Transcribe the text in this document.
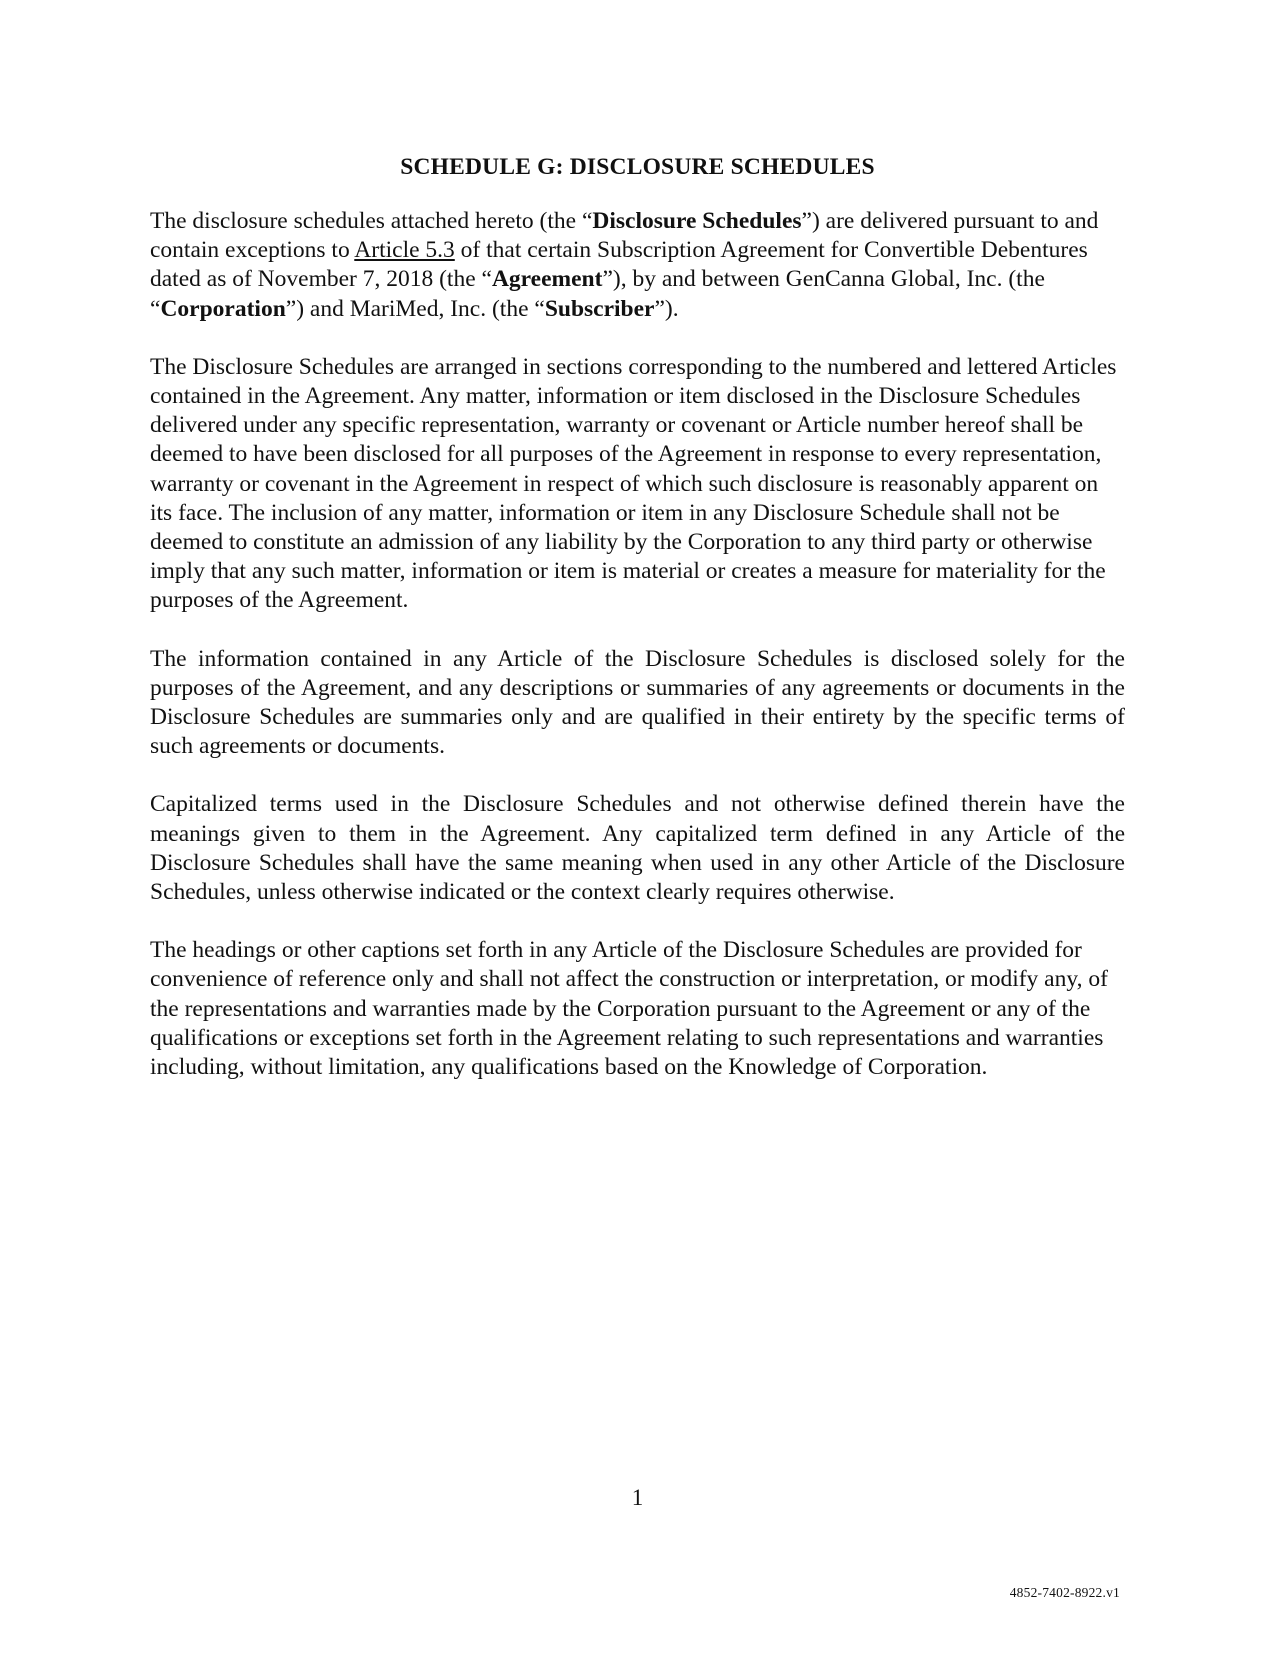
SCHEDULE G: DISCLOSURE SCHEDULES

The disclosure schedules attached hereto (the “Disclosure Schedules”) are delivered pursuant to and contain exceptions to Article 5.3 of that certain Subscription Agreement for Convertible Debentures dated as of November 7, 2018 (the “Agreement”), by and between GenCanna Global, Inc. (the “Corporation”) and MariMed, Inc. (the “Subscriber”).

The Disclosure Schedules are arranged in sections corresponding to the numbered and lettered Articles contained in the Agreement. Any matter, information or item disclosed in the Disclosure Schedules delivered under any specific representation, warranty or covenant or Article number hereof shall be deemed to have been disclosed for all purposes of the Agreement in response to every representation, warranty or covenant in the Agreement in respect of which such disclosure is reasonably apparent on its face. The inclusion of any matter, information or item in any Disclosure Schedule shall not be deemed to constitute an admission of any liability by the Corporation to any third party or otherwise imply that any such matter, information or item is material or creates a measure for materiality for the purposes of the Agreement.

The information contained in any Article of the Disclosure Schedules is disclosed solely for the purposes of the Agreement, and any descriptions or summaries of any agreements or documents in the Disclosure Schedules are summaries only and are qualified in their entirety by the specific terms of such agreements or documents.

Capitalized terms used in the Disclosure Schedules and not otherwise defined therein have the meanings given to them in the Agreement. Any capitalized term defined in any Article of the Disclosure Schedules shall have the same meaning when used in any other Article of the Disclosure Schedules, unless otherwise indicated or the context clearly requires otherwise.

The headings or other captions set forth in any Article of the Disclosure Schedules are provided for convenience of reference only and shall not affect the construction or interpretation, or modify any, of the representations and warranties made by the Corporation pursuant to the Agreement or any of the qualifications or exceptions set forth in the Agreement relating to such representations and warranties including, without limitation, any qualifications based on the Knowledge of Corporation.

1
4852-7402-8922.v1
